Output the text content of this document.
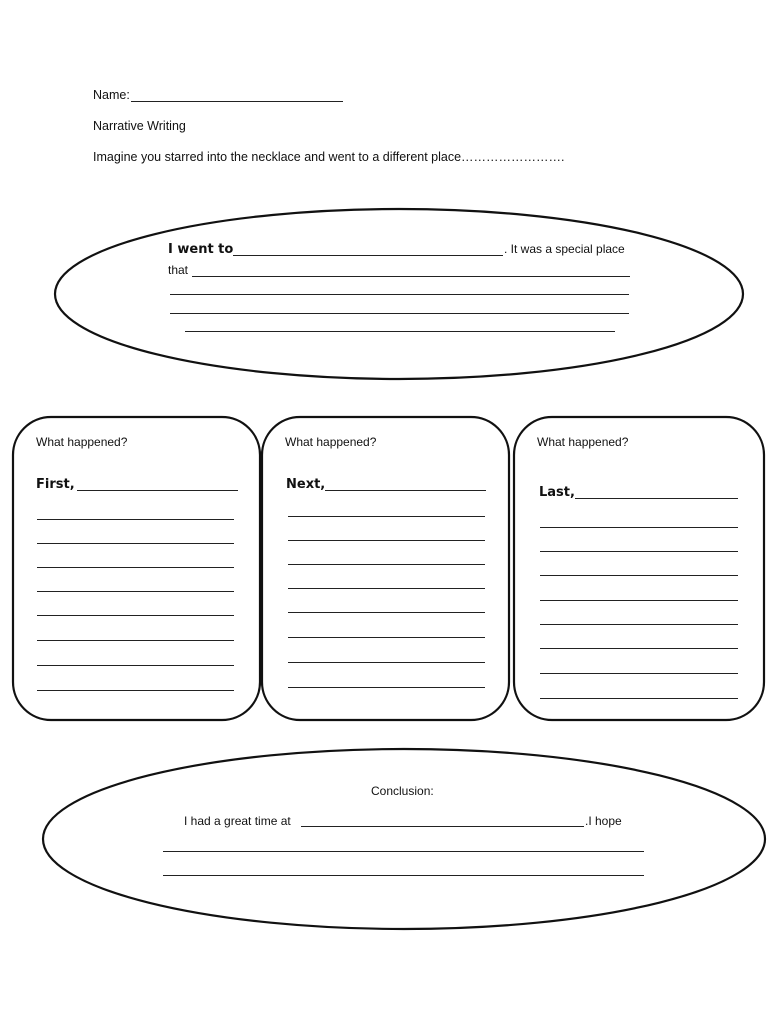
Name:
Narrative Writing
Imagine you starred into the necklace and went to a different place…………………….
I went to	. It was a special place
that
What happened?
First,
What happened?
Next,
What happened?
Last,
Conclusion:
I had a great time at	.I hope
